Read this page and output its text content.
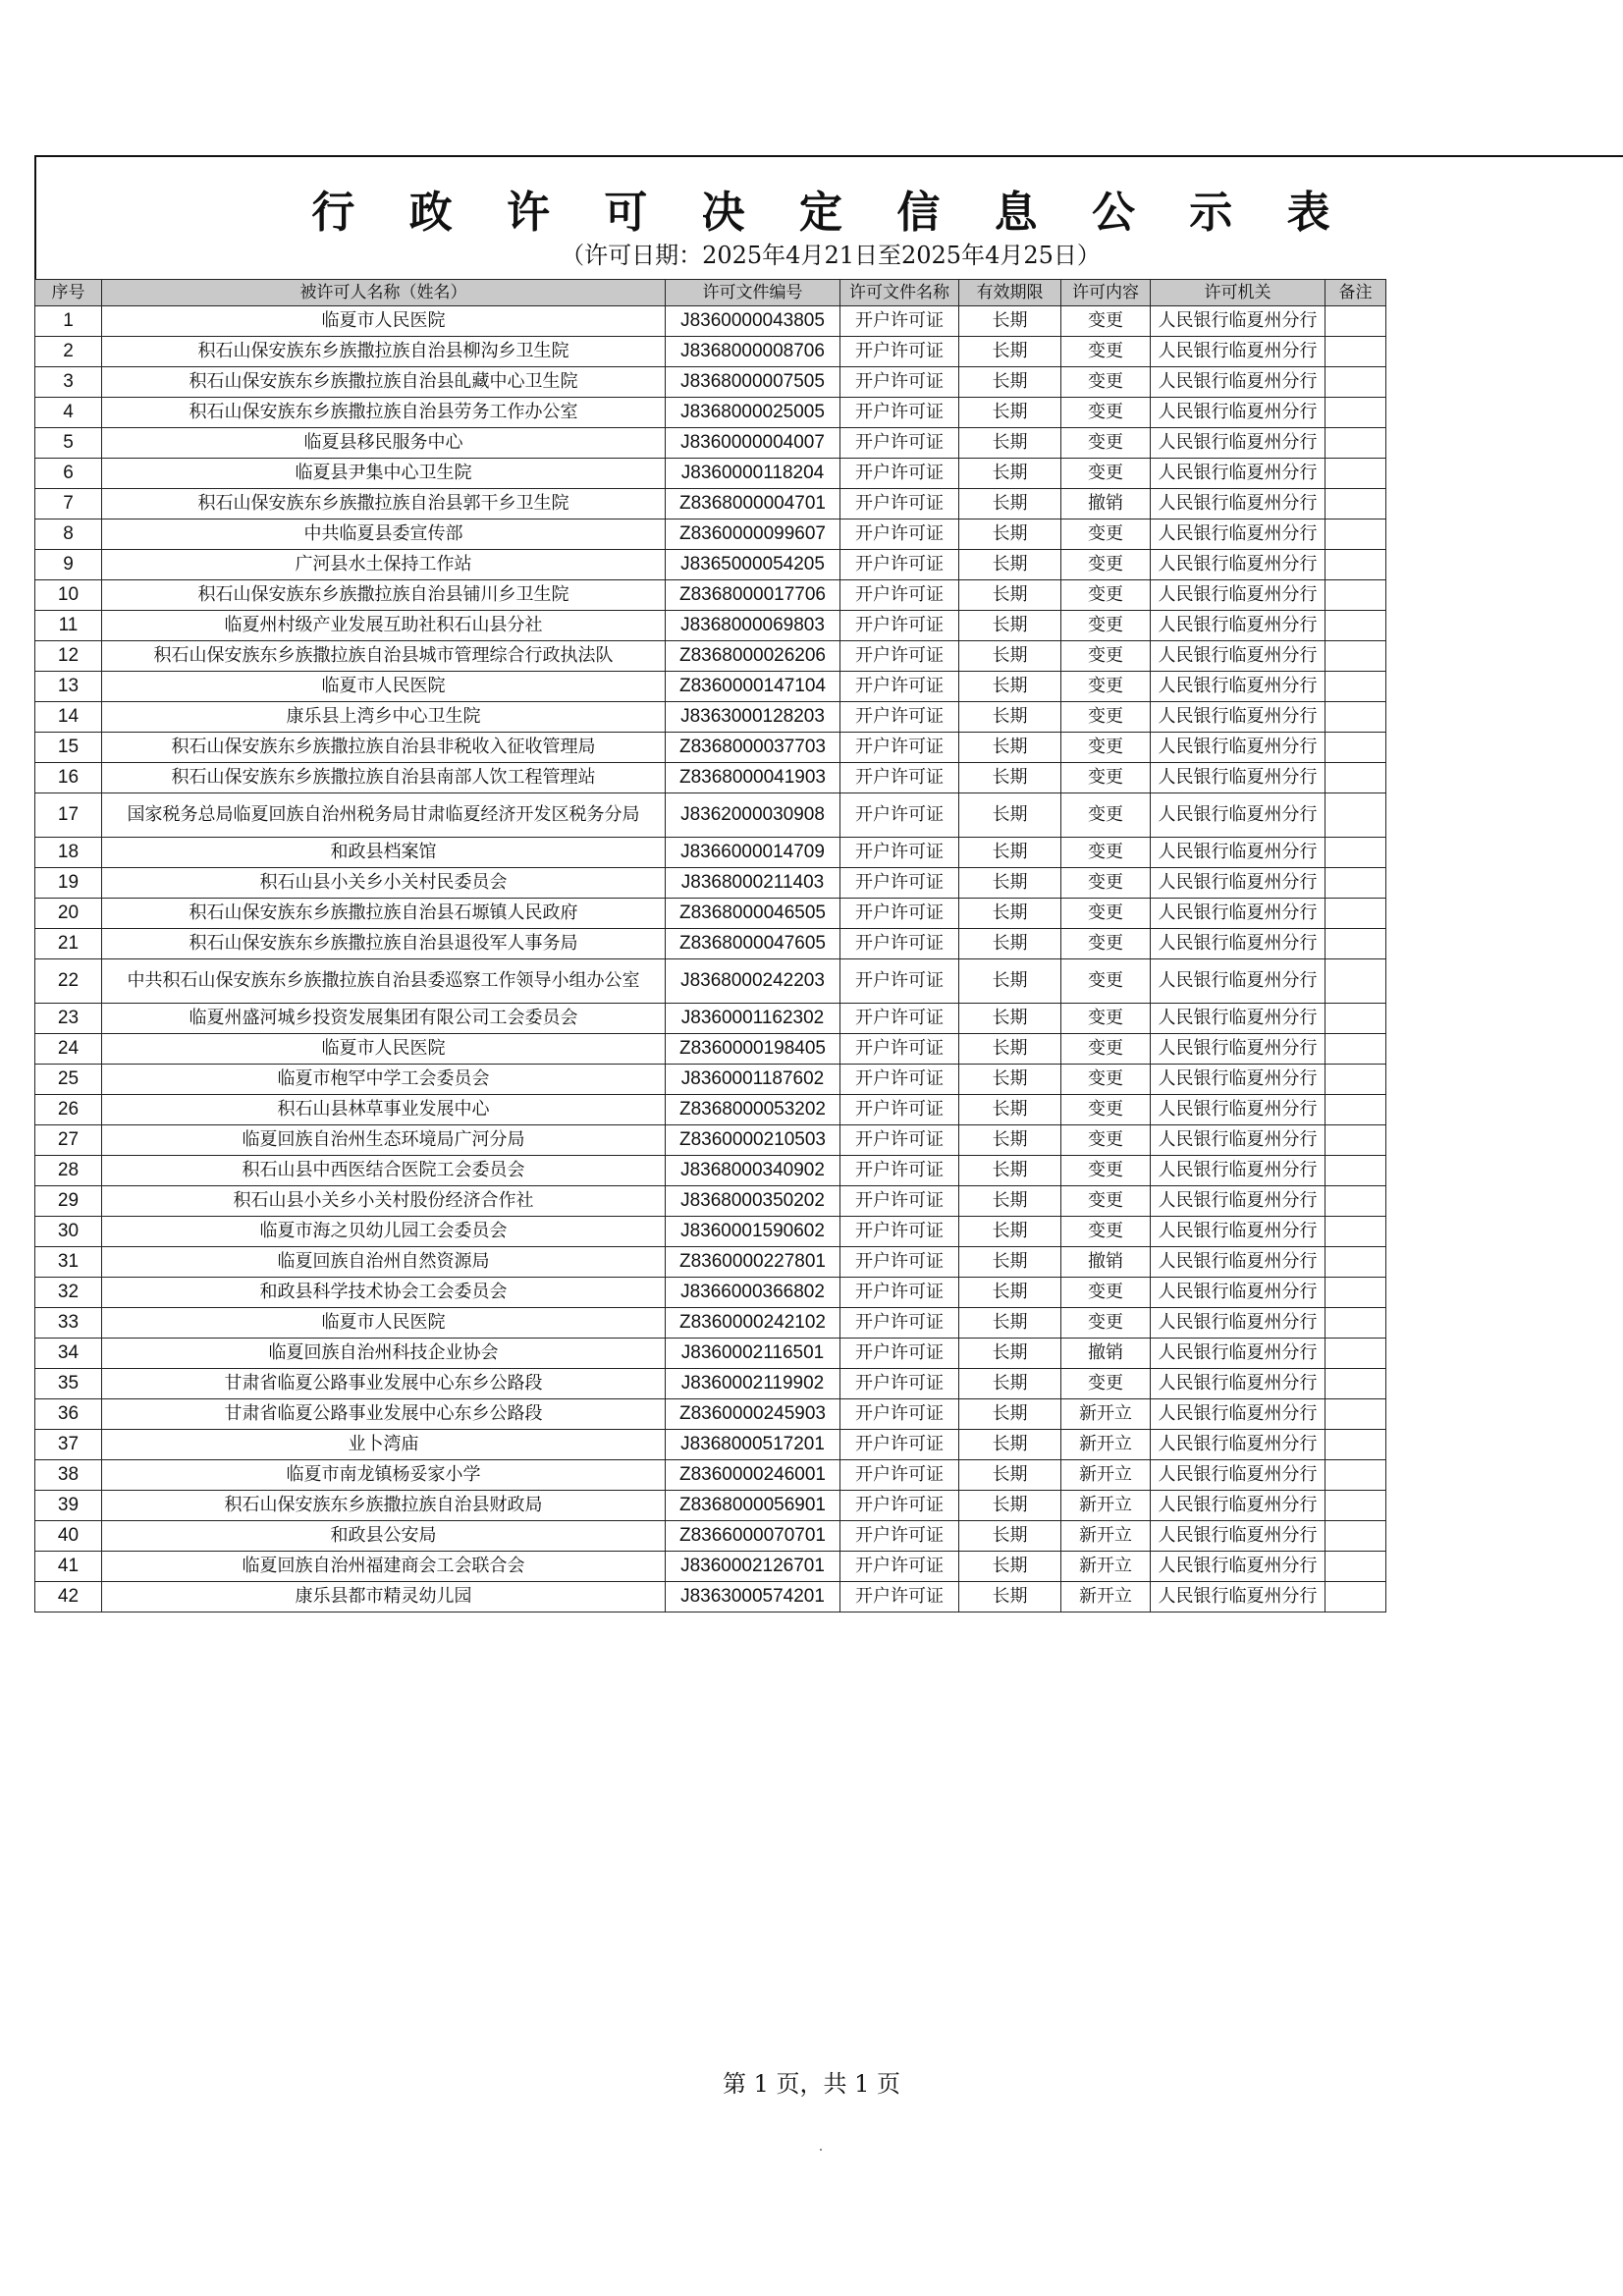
行 政 许 可 决 定 信 息 公 示 表
（许可日期：2025年4月21日至2025年4月25日）
序号	被许可人名称（姓名）	许可文件编号	许可文件名称	有效期限	许可内容	许可机关	备注
1	临夏市人民医院	J8360000043805	开户许可证	长期	变更	人民银行临夏州分行	
2	积石山保安族东乡族撒拉族自治县柳沟乡卫生院	J8368000008706	开户许可证	长期	变更	人民银行临夏州分行	
3	积石山保安族东乡族撒拉族自治县癿藏中心卫生院	J8368000007505	开户许可证	长期	变更	人民银行临夏州分行	
4	积石山保安族东乡族撒拉族自治县劳务工作办公室	J8368000025005	开户许可证	长期	变更	人民银行临夏州分行	
5	临夏县移民服务中心	J8360000004007	开户许可证	长期	变更	人民银行临夏州分行	
6	临夏县尹集中心卫生院	J8360000118204	开户许可证	长期	变更	人民银行临夏州分行	
7	积石山保安族东乡族撒拉族自治县郭干乡卫生院	Z8368000004701	开户许可证	长期	撤销	人民银行临夏州分行	
8	中共临夏县委宣传部	Z8360000099607	开户许可证	长期	变更	人民银行临夏州分行	
9	广河县水土保持工作站	J8365000054205	开户许可证	长期	变更	人民银行临夏州分行	
10	积石山保安族东乡族撒拉族自治县铺川乡卫生院	Z8368000017706	开户许可证	长期	变更	人民银行临夏州分行	
11	临夏州村级产业发展互助社积石山县分社	J8368000069803	开户许可证	长期	变更	人民银行临夏州分行	
12	积石山保安族东乡族撒拉族自治县城市管理综合行政执法队	Z8368000026206	开户许可证	长期	变更	人民银行临夏州分行	
13	临夏市人民医院	Z8360000147104	开户许可证	长期	变更	人民银行临夏州分行	
14	康乐县上湾乡中心卫生院	J8363000128203	开户许可证	长期	变更	人民银行临夏州分行	
15	积石山保安族东乡族撒拉族自治县非税收入征收管理局	Z8368000037703	开户许可证	长期	变更	人民银行临夏州分行	
16	积石山保安族东乡族撒拉族自治县南部人饮工程管理站	Z8368000041903	开户许可证	长期	变更	人民银行临夏州分行	
17	国家税务总局临夏回族自治州税务局甘肃临夏经济开发区税务分局	J8362000030908	开户许可证	长期	变更	人民银行临夏州分行	
18	和政县档案馆	J8366000014709	开户许可证	长期	变更	人民银行临夏州分行	
19	积石山县小关乡小关村民委员会	J8368000211403	开户许可证	长期	变更	人民银行临夏州分行	
20	积石山保安族东乡族撒拉族自治县石塬镇人民政府	Z8368000046505	开户许可证	长期	变更	人民银行临夏州分行	
21	积石山保安族东乡族撒拉族自治县退役军人事务局	Z8368000047605	开户许可证	长期	变更	人民银行临夏州分行	
22	中共积石山保安族东乡族撒拉族自治县委巡察工作领导小组办公室	J8368000242203	开户许可证	长期	变更	人民银行临夏州分行	
23	临夏州盛河城乡投资发展集团有限公司工会委员会	J8360001162302	开户许可证	长期	变更	人民银行临夏州分行	
24	临夏市人民医院	Z8360000198405	开户许可证	长期	变更	人民银行临夏州分行	
25	临夏市枹罕中学工会委员会	J8360001187602	开户许可证	长期	变更	人民银行临夏州分行	
26	积石山县林草事业发展中心	Z8368000053202	开户许可证	长期	变更	人民银行临夏州分行	
27	临夏回族自治州生态环境局广河分局	Z8360000210503	开户许可证	长期	变更	人民银行临夏州分行	
28	积石山县中西医结合医院工会委员会	J8368000340902	开户许可证	长期	变更	人民银行临夏州分行	
29	积石山县小关乡小关村股份经济合作社	J8368000350202	开户许可证	长期	变更	人民银行临夏州分行	
30	临夏市海之贝幼儿园工会委员会	J8360001590602	开户许可证	长期	变更	人民银行临夏州分行	
31	临夏回族自治州自然资源局	Z8360000227801	开户许可证	长期	撤销	人民银行临夏州分行	
32	和政县科学技术协会工会委员会	J8366000366802	开户许可证	长期	变更	人民银行临夏州分行	
33	临夏市人民医院	Z8360000242102	开户许可证	长期	变更	人民银行临夏州分行	
34	临夏回族自治州科技企业协会	J8360002116501	开户许可证	长期	撤销	人民银行临夏州分行	
35	甘肃省临夏公路事业发展中心东乡公路段	J8360002119902	开户许可证	长期	变更	人民银行临夏州分行	
36	甘肃省临夏公路事业发展中心东乡公路段	Z8360000245903	开户许可证	长期	新开立	人民银行临夏州分行	
37	业卜湾庙	J8368000517201	开户许可证	长期	新开立	人民银行临夏州分行	
38	临夏市南龙镇杨妥家小学	Z8360000246001	开户许可证	长期	新开立	人民银行临夏州分行	
39	积石山保安族东乡族撒拉族自治县财政局	Z8368000056901	开户许可证	长期	新开立	人民银行临夏州分行	
40	和政县公安局	Z8366000070701	开户许可证	长期	新开立	人民银行临夏州分行	
41	临夏回族自治州福建商会工会联合会	J8360002126701	开户许可证	长期	新开立	人民银行临夏州分行	
42	康乐县都市精灵幼儿园	J8363000574201	开户许可证	长期	新开立	人民银行临夏州分行	
第 1 页，共 1 页
